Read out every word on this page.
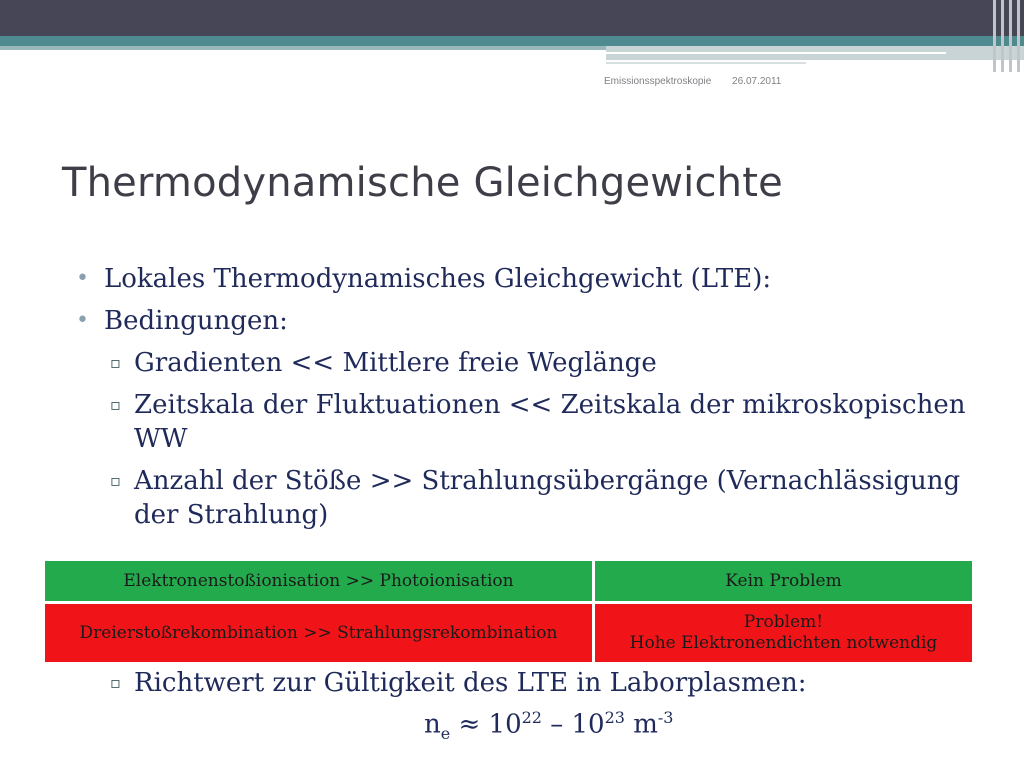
Emissionsspektroskopie 26.07.2011
Thermodynamische Gleichgewichte
• Lokales Thermodynamisches Gleichgewicht (LTE):
• Bedingungen:
▫ Gradienten << Mittlere freie Weglänge
▫ Zeitskala der Fluktuationen << Zeitskala der mikroskopischen WW
▫ Anzahl der Stöße >> Strahlungsübergänge (Vernachlässigung der Strahlung)
Elektronenstoßionisation >> Photoionisation	Kein Problem
Dreierstoßrekombination >> Strahlungsrekombination
Problem!
Hohe Elektronendichten notwendig
▫ Richtwert zur Gültigkeit des LTE in Laborplasmen:
$n_e \approx 10^{22} - 10^{23}$ $m^{-3}$
